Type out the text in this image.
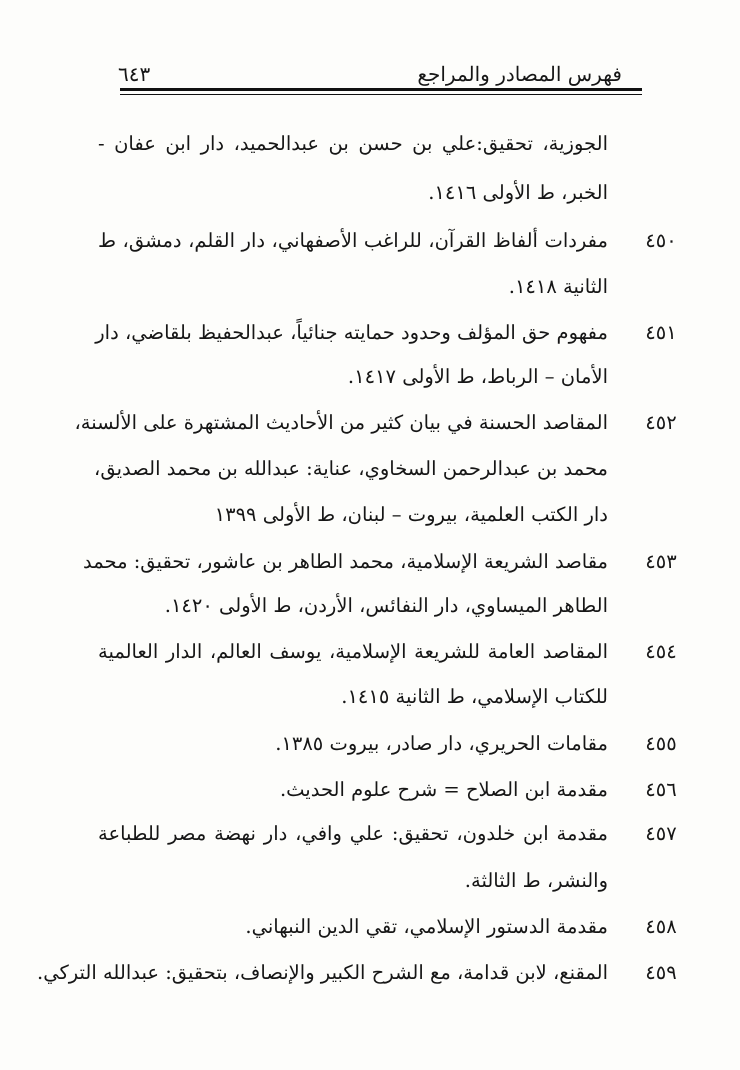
فهرس المصادر والمراجع
٦٤٣
الجوزية، تحقيق:علي بن حسن بن عبدالحميد، دار ابن عفان -
الخبر، ط الأولى ١٤١٦.
٤٥٠
مفردات ألفاظ القرآن، للراغب الأصفهاني، دار القلم، دمشق، ط
الثانية ١٤١٨.
٤٥١
مفهوم حق المؤلف وحدود حمايته جنائياً، عبدالحفيظ بلقاضي، دار
الأمان – الرباط، ط الأولى ١٤١٧.
٤٥٢
المقاصد الحسنة في بيان كثير من الأحاديث المشتهرة على الألسنة،
محمد بن عبدالرحمن السخاوي، عناية: عبدالله بن محمد الصديق،
دار الكتب العلمية، بيروت – لبنان، ط الأولى ١٣٩٩
٤٥٣
مقاصد الشريعة الإسلامية، محمد الطاهر بن عاشور، تحقيق: محمد
الطاهر الميساوي، دار النفائس، الأردن، ط الأولى ١٤٢٠.
٤٥٤
المقاصد العامة للشريعة الإسلامية، يوسف العالم، الدار العالمية
للكتاب الإسلامي، ط الثانية ١٤١٥.
٤٥٥
مقامات الحريري، دار صادر، بيروت ١٣٨٥.
٤٥٦
مقدمة ابن الصلاح = شرح علوم الحديث.
٤٥٧
مقدمة ابن خلدون، تحقيق: علي وافي، دار نهضة مصر للطباعة
والنشر، ط الثالثة.
٤٥٨
مقدمة الدستور الإسلامي، تقي الدين النبهاني.
٤٥٩
المقنع، لابن قدامة، مع الشرح الكبير والإنصاف، بتحقيق: عبدالله التركي.
